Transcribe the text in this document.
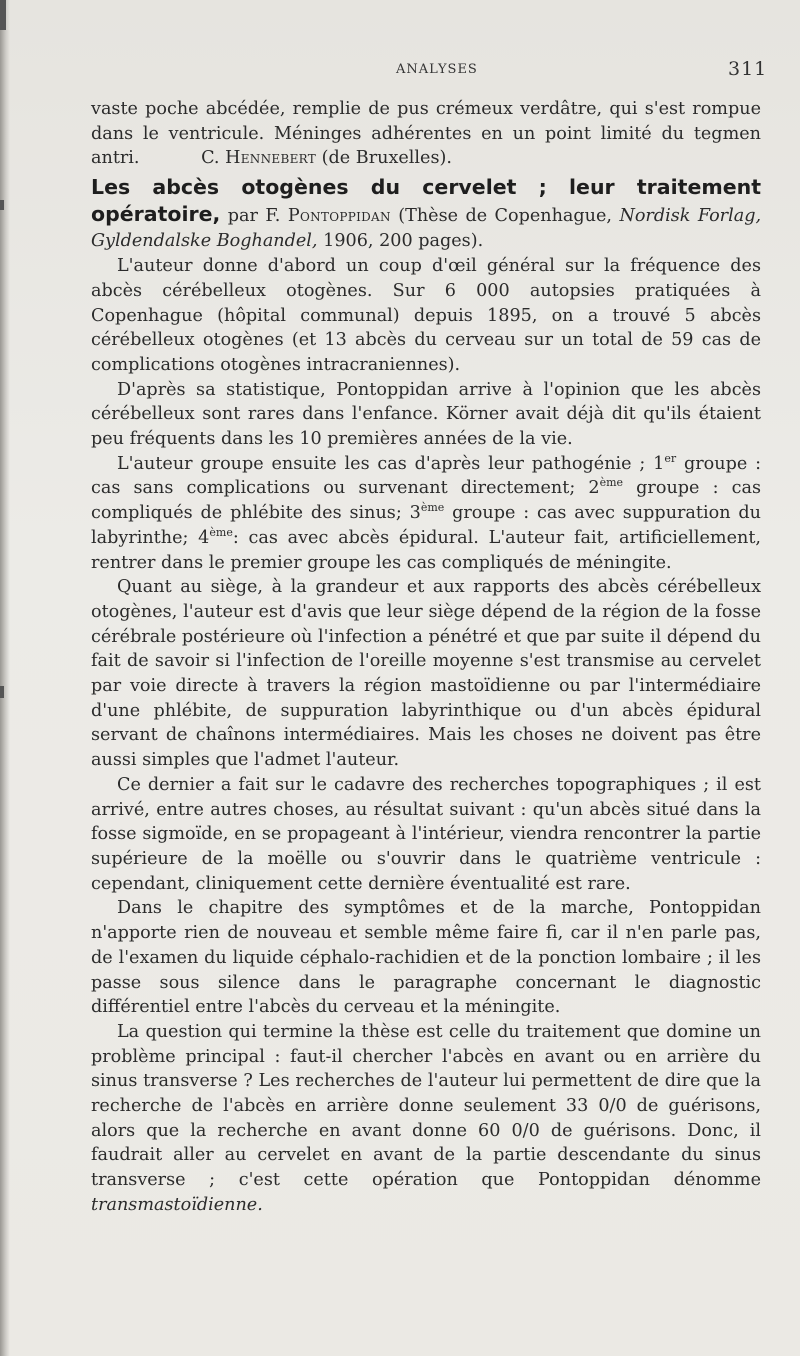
ANALYSES	311

vaste poche abcédée, remplie de pus crémeux verdâtre, qui s'est rompue dans le ventricule. Méninges adhérentes en un point limité du tegmen antri.	C. Hennebert (de Bruxelles).

Les abcès otogènes du cervelet ; leur traitement opératoire, par F. Pontoppidan (Thèse de Copenhague, Nordisk Forlag, Gyldendalske Boghandel, 1906, 200 pages).

L'auteur donne d'abord un coup d'œil général sur la fréquence des abcès cérébelleux otogènes. Sur 6 000 autopsies pratiquées à Copenhague (hôpital communal) depuis 1895, on a trouvé 5 abcès cérébelleux otogènes (et 13 abcès du cerveau sur un total de 59 cas de complications otogènes intracraniennes).

D'après sa statistique, Pontoppidan arrive à l'opinion que les abcès cérébelleux sont rares dans l'enfance. Körner avait déjà dit qu'ils étaient peu fréquents dans les 10 premières années de la vie.

L'auteur groupe ensuite les cas d'après leur pathogénie ; 1er groupe : cas sans complications ou survenant directement; 2ème groupe : cas compliqués de phlébite des sinus; 3ème groupe : cas avec suppuration du labyrinthe; 4ème: cas avec abcès épidural. L'auteur fait, artificiellement, rentrer dans le premier groupe les cas compliqués de méningite.

Quant au siège, à la grandeur et aux rapports des abcès cérébelleux otogènes, l'auteur est d'avis que leur siège dépend de la région de la fosse cérébrale postérieure où l'infection a pénétré et que par suite il dépend du fait de savoir si l'infection de l'oreille moyenne s'est transmise au cervelet par voie directe à travers la région mastoïdienne ou par l'intermédiaire d'une phlébite, de suppuration labyrinthique ou d'un abcès épidural servant de chaînons intermédiaires. Mais les choses ne doivent pas être aussi simples que l'admet l'auteur.

Ce dernier a fait sur le cadavre des recherches topographiques ; il est arrivé, entre autres choses, au résultat suivant : qu'un abcès situé dans la fosse sigmoïde, en se propageant à l'intérieur, viendra rencontrer la partie supérieure de la moëlle ou s'ouvrir dans le quatrième ventricule : cependant, cliniquement cette dernière éventualité est rare.

Dans le chapitre des symptômes et de la marche, Pontoppidan n'apporte rien de nouveau et semble même faire fi, car il n'en parle pas, de l'examen du liquide céphalo-rachidien et de la ponction lombaire ; il les passe sous silence dans le paragraphe concernant le diagnostic différentiel entre l'abcès du cerveau et la méningite.

La question qui termine la thèse est celle du traitement que domine un problème principal : faut-il chercher l'abcès en avant ou en arrière du sinus transverse ? Les recherches de l'auteur lui permettent de dire que la recherche de l'abcès en arrière donne seulement 33 0/0 de guérisons, alors que la recherche en avant donne 60 0/0 de guérisons. Donc, il faudrait aller au cervelet en avant de la partie descendante du sinus transverse ; c'est cette opération que Pontoppidan dénomme transmastoïdienne.
